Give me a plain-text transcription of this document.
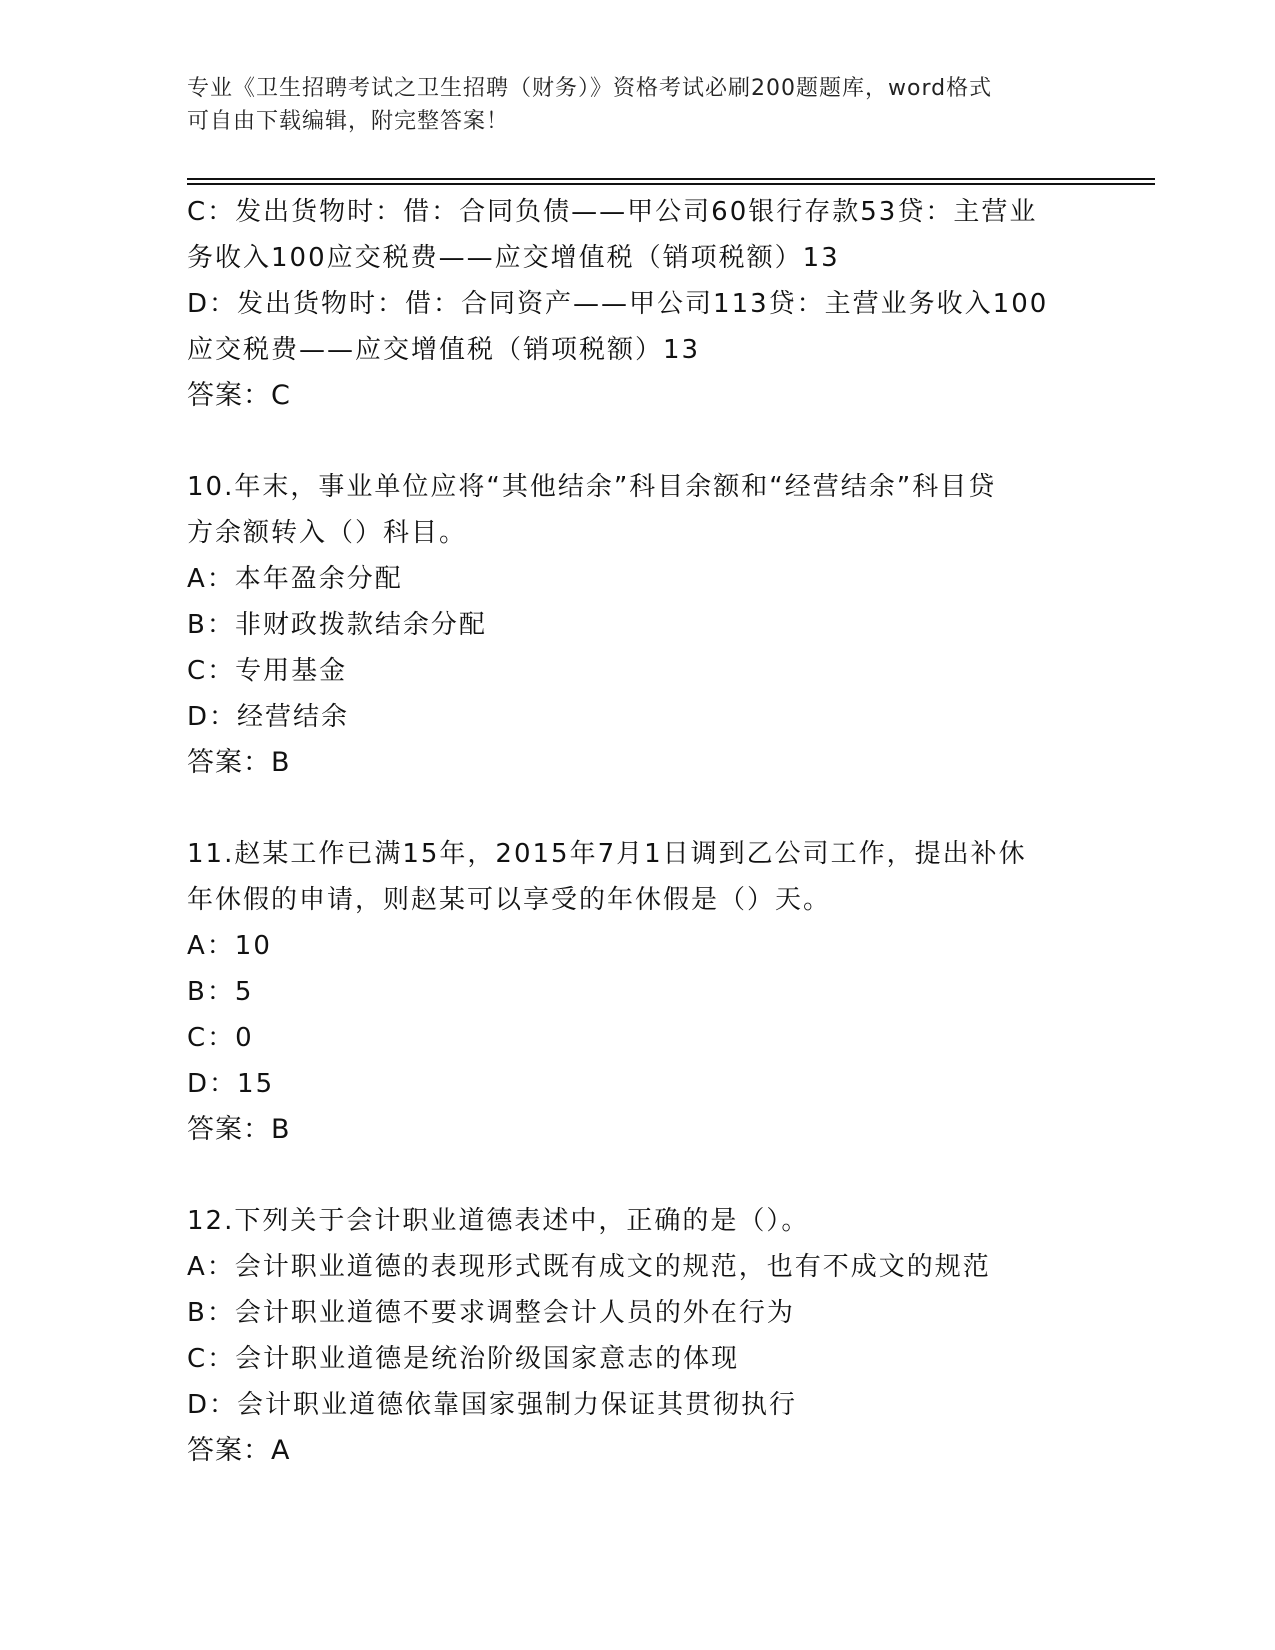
专业《卫生招聘考试之卫生招聘（财务）》资格考试必刷200题题库，word格式
可自由下载编辑，附完整答案！
C：发出货物时：借：合同负债——甲公司60银行存款53贷：主营业
务收入100应交税费——应交增值税（销项税额）13
D：发出货物时：借：合同资产——甲公司113贷：主营业务收入100
应交税费——应交增值税（销项税额）13
答案：C
10.年末，事业单位应将“其他结余”科目余额和“经营结余”科目贷
方余额转入（）科目。
A：本年盈余分配
B：非财政拨款结余分配
C：专用基金
D：经营结余
答案：B
11.赵某工作已满15年，2015年7月1日调到乙公司工作，提出补休
年休假的申请，则赵某可以享受的年休假是（）天。
A：10
B：5
C：0
D：15
答案：B
12.下列关于会计职业道德表述中，正确的是（）。
A：会计职业道德的表现形式既有成文的规范，也有不成文的规范
B：会计职业道德不要求调整会计人员的外在行为
C：会计职业道德是统治阶级国家意志的体现
D：会计职业道德依靠国家强制力保证其贯彻执行
答案：A
